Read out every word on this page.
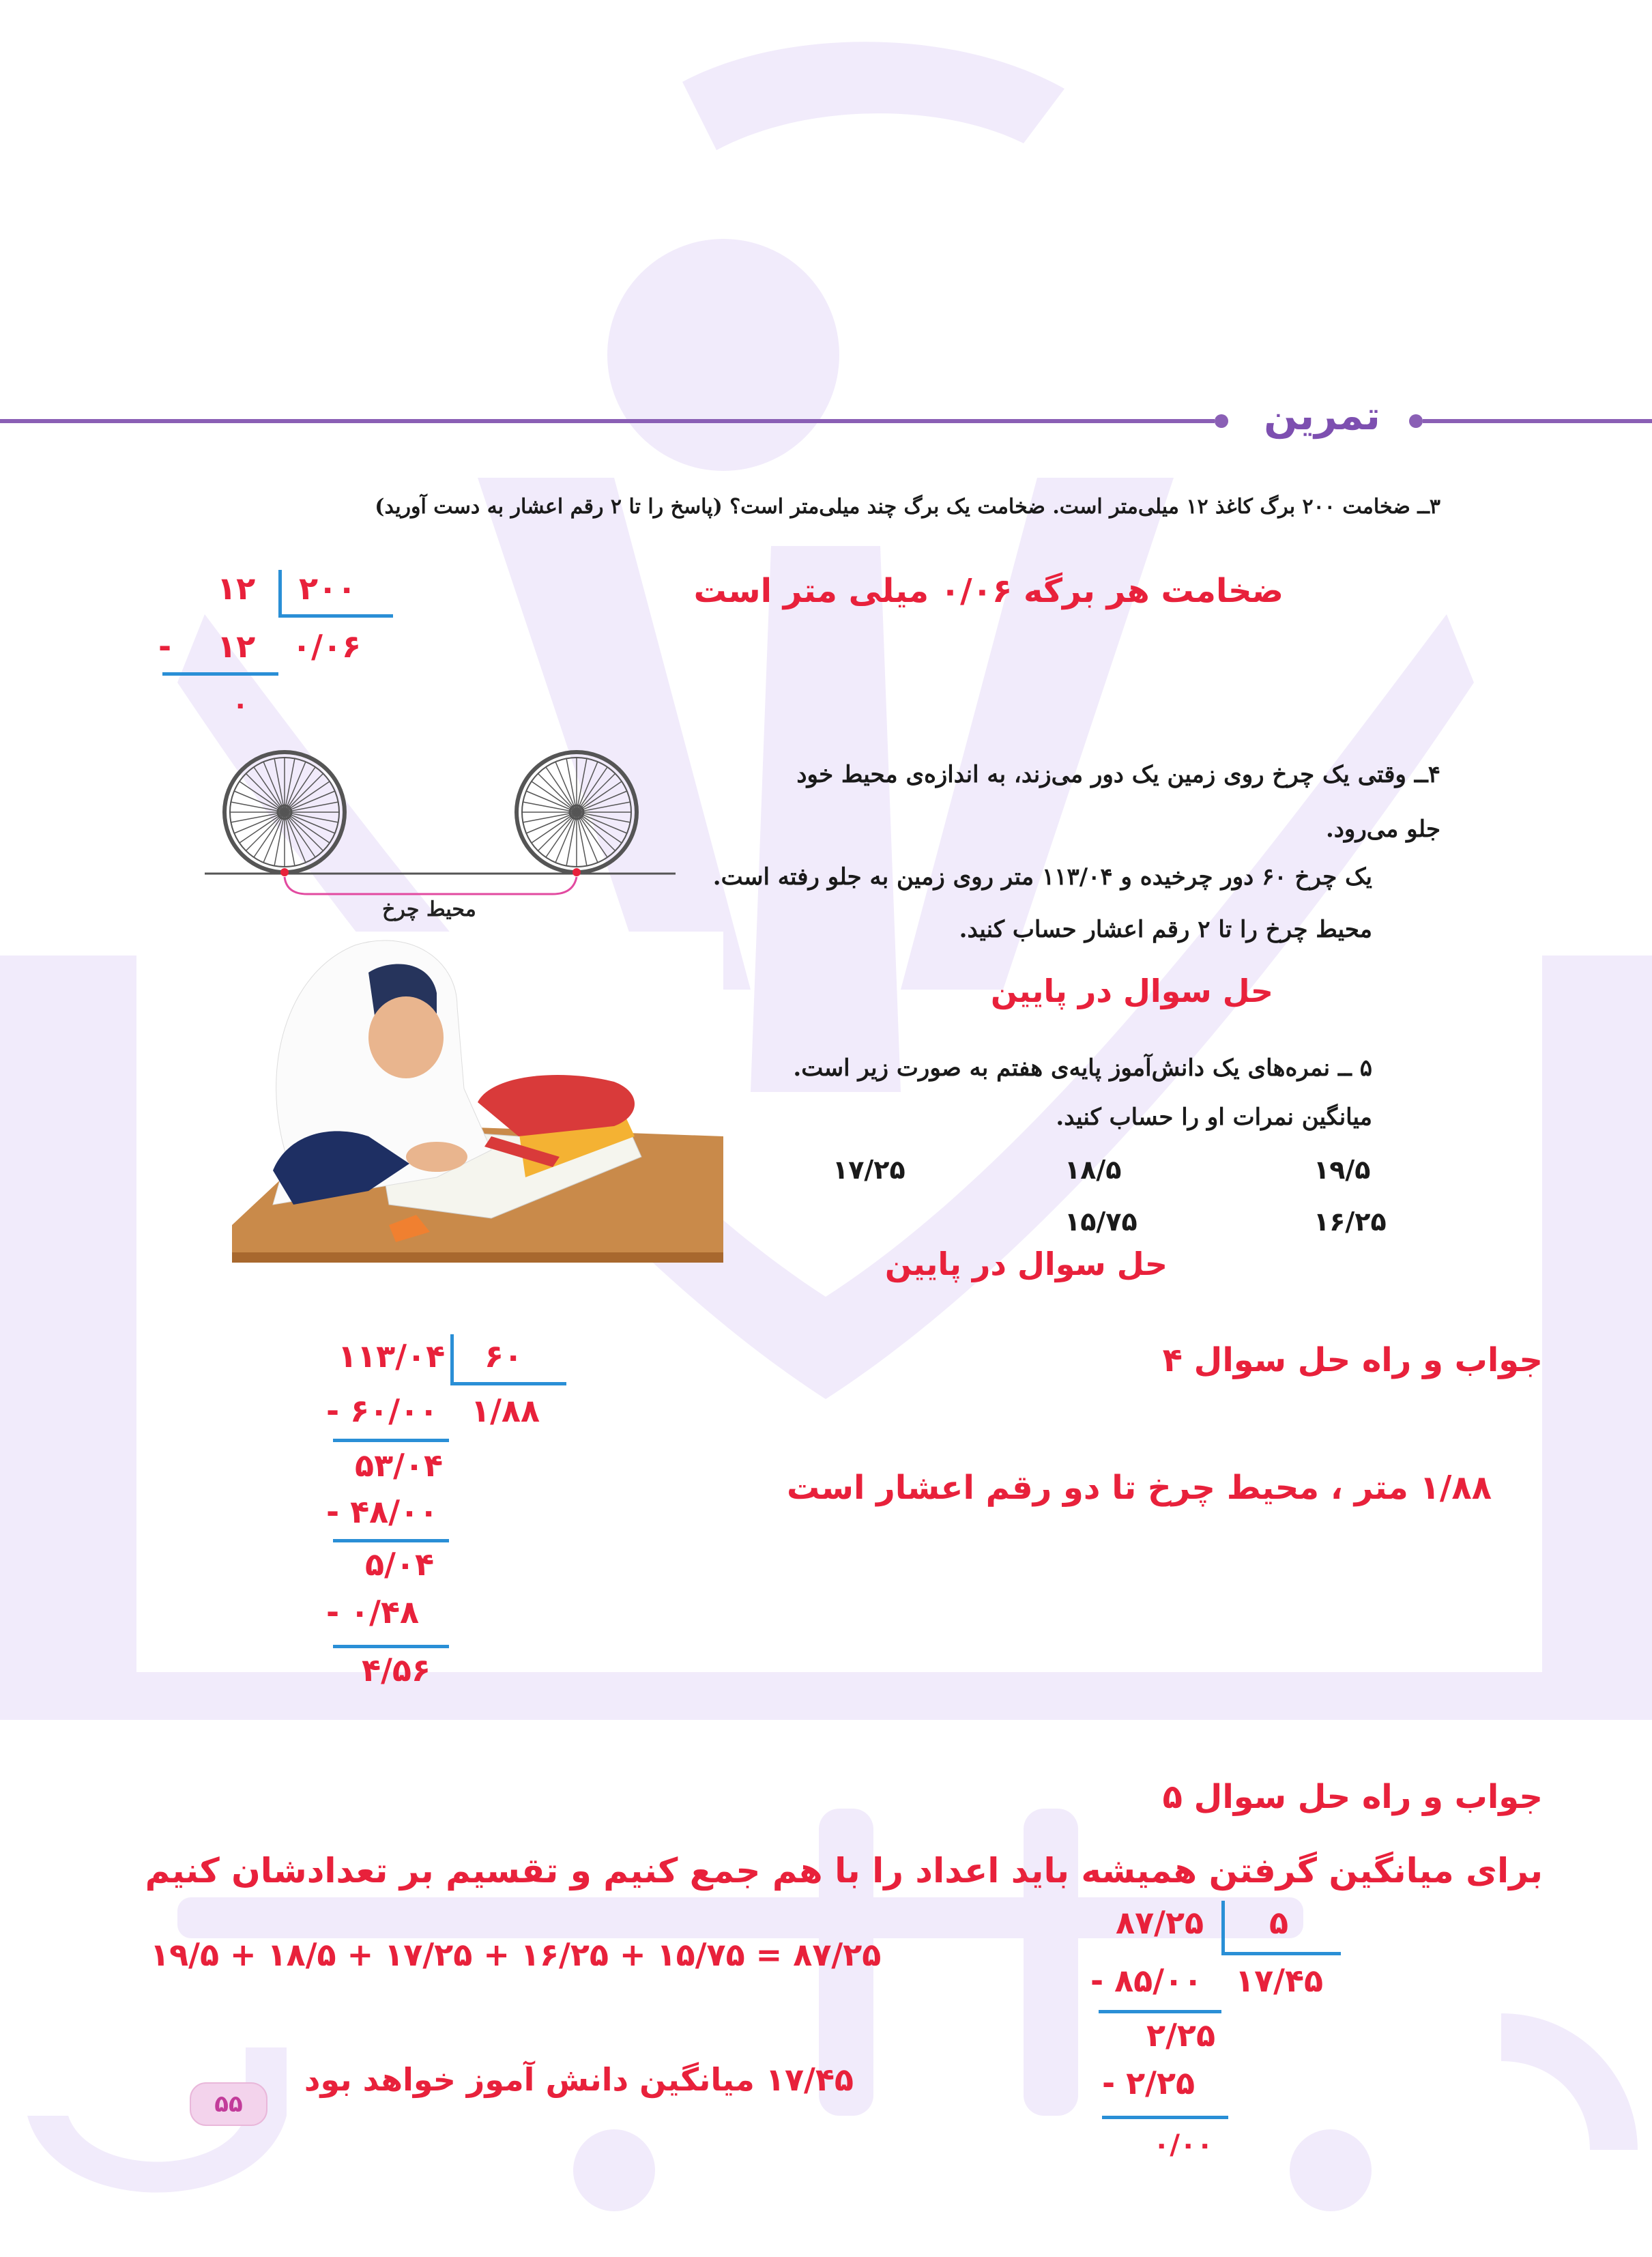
تمرین
۳ــ ضخامت ۲۰۰ برگ کاغذ ۱۲ میلی‌متر است. ضخامت یک برگ چند میلی‌متر است؟ (پاسخ را تا ۲ رقم اعشار به دست آورید)
ضخامت هر برگه ۰/۰۶ میلی متر است
۱۲ ۲۰۰
- ۱۲ ۰/۰۶
۰
محیط چرخ
۴ــ وقتی یک چرخ روی زمین یک دور می‌زند، به اندازه‌ی محیط خود
جلو می‌رود.
یک چرخ ۶۰ دور چرخیده و ۱۱۳/۰۴ متر روی زمین به جلو رفته است.
محیط چرخ را تا ۲ رقم اعشار حساب کنید.
حل سوال در پایین
۵ ــ نمره‌های یک دانش‌آموز پایه‌ی هفتم به صورت زیر است.
میانگین نمرات او را حساب کنید.
۱۹/۵
۱۸/۵
۱۷/۲۵
۱۶/۲۵
۱۵/۷۵
حل سوال در پایین
جواب و راه حل سوال ۴
۱/۸۸ متر ، محیط چرخ تا دو رقم اعشار است
۱۱۳/۰۴ ۶۰
۱/۸۸
- ۶۰/۰۰
۵۳/۰۴
- ۴۸/۰۰
۵/۰۴
- ۰/۴۸
۴/۵۶
جواب و راه حل سوال ۵
برای میانگین گرفتن همیشه باید اعداد را با هم جمع کنیم و تقسیم بر تعدادشان کنیم
۱۹/۵ + ۱۸/۵ + ۱۷/۲۵ + ۱۶/۲۵ + ۱۵/۷۵ = ۸۷/۲۵
۱۷/۴۵ میانگین دانش آموز خواهد بود
۸۷/۲۵ ۵
۱۷/۴۵
- ۸۵/۰۰
۲/۲۵
- ۲/۲۵
۰/۰۰
۵۵
